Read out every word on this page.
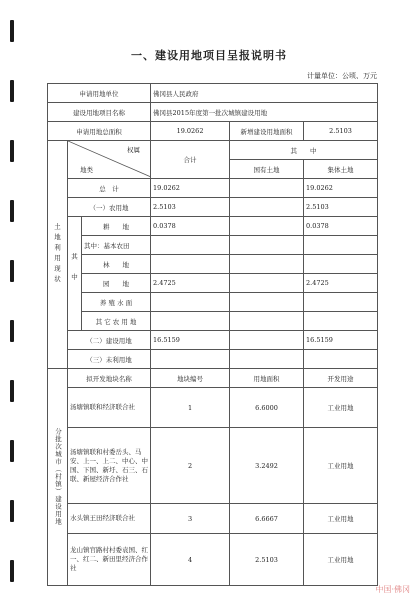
一、建设用地项目呈报说明书
计量单位：公顷、万元
申请用地单位			佛冈县人民政府		
建设用地项目名称			佛冈县2015年度第一批次城镇建设用地		
申请用地总面积			19.0262	新增建设用地面积	2.5103
土地利用现状	权属
地类		合计	其　　中	
				国有土地	集体土地
	总　计		19.0262		19.0262
	（一）农用地		2.5103		2.5103
	其中	耕　　地	0.0378		0.0378
		其中：基本农田			
		林　　地			
		园　　地	2.4725		2.4725
		养 殖 水 面			
		其 它 农 用 地			
	（二）建设用地		16.5159		16.5159
	（三）未利用地				
分批次城市（村镇）建设用地	拟开发地块名称		地块编号	用地面积	开发用途
	汤塘镇联和经济联合社		1	6.6000	工业用地
	汤塘镇联和村委岳头、马安、上一、上二、中心、中国、下国、新圩、石三、石联、新屋经济合作社		2	3.2492	工业用地
	水头镇王田经济联合社		3	6.6667	工业用地
	龙山镇官路村村委袁国、红一、红二、新田里经济合作社		4	2.5103	工业用地
中国·佛冈
